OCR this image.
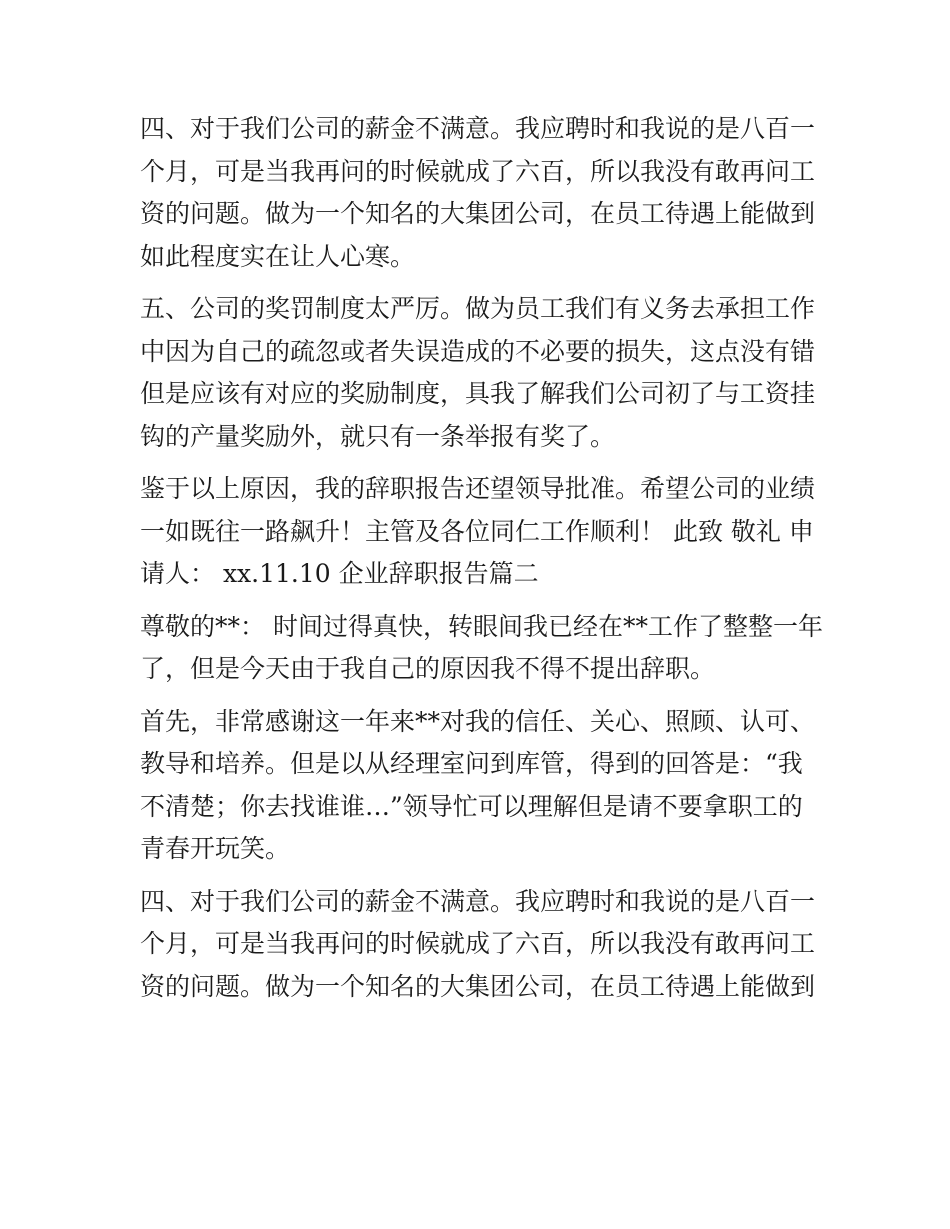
四、对于我们公司的薪金不满意。我应聘时和我说的是八百一
个月，可是当我再问的时候就成了六百，所以我没有敢再问工
资的问题。做为一个知名的大集团公司，在员工待遇上能做到
如此程度实在让人心寒。
五、公司的奖罚制度太严厉。做为员工我们有义务去承担工作
中因为自己的疏忽或者失误造成的不必要的损失，这点没有错
但是应该有对应的奖励制度，具我了解我们公司初了与工资挂
钩的产量奖励外，就只有一条举报有奖了。
鉴于以上原因，我的辞职报告还望领导批准。希望公司的业绩
一如既往一路飙升！主管及各位同仁工作顺利！ 此致 敬礼 申
请人： xx.11.10 企业辞职报告篇二
尊敬的**： 时间过得真快，转眼间我已经在**工作了整整一年
了，但是今天由于我自己的原因我不得不提出辞职。
首先，非常感谢这一年来**对我的信任、关心、照顾、认可、
教导和培养。但是以从经理室问到库管，得到的回答是：“我
不清楚；你去找谁谁…”领导忙可以理解但是请不要拿职工的
青春开玩笑。
四、对于我们公司的薪金不满意。我应聘时和我说的是八百一
个月，可是当我再问的时候就成了六百，所以我没有敢再问工
资的问题。做为一个知名的大集团公司，在员工待遇上能做到
